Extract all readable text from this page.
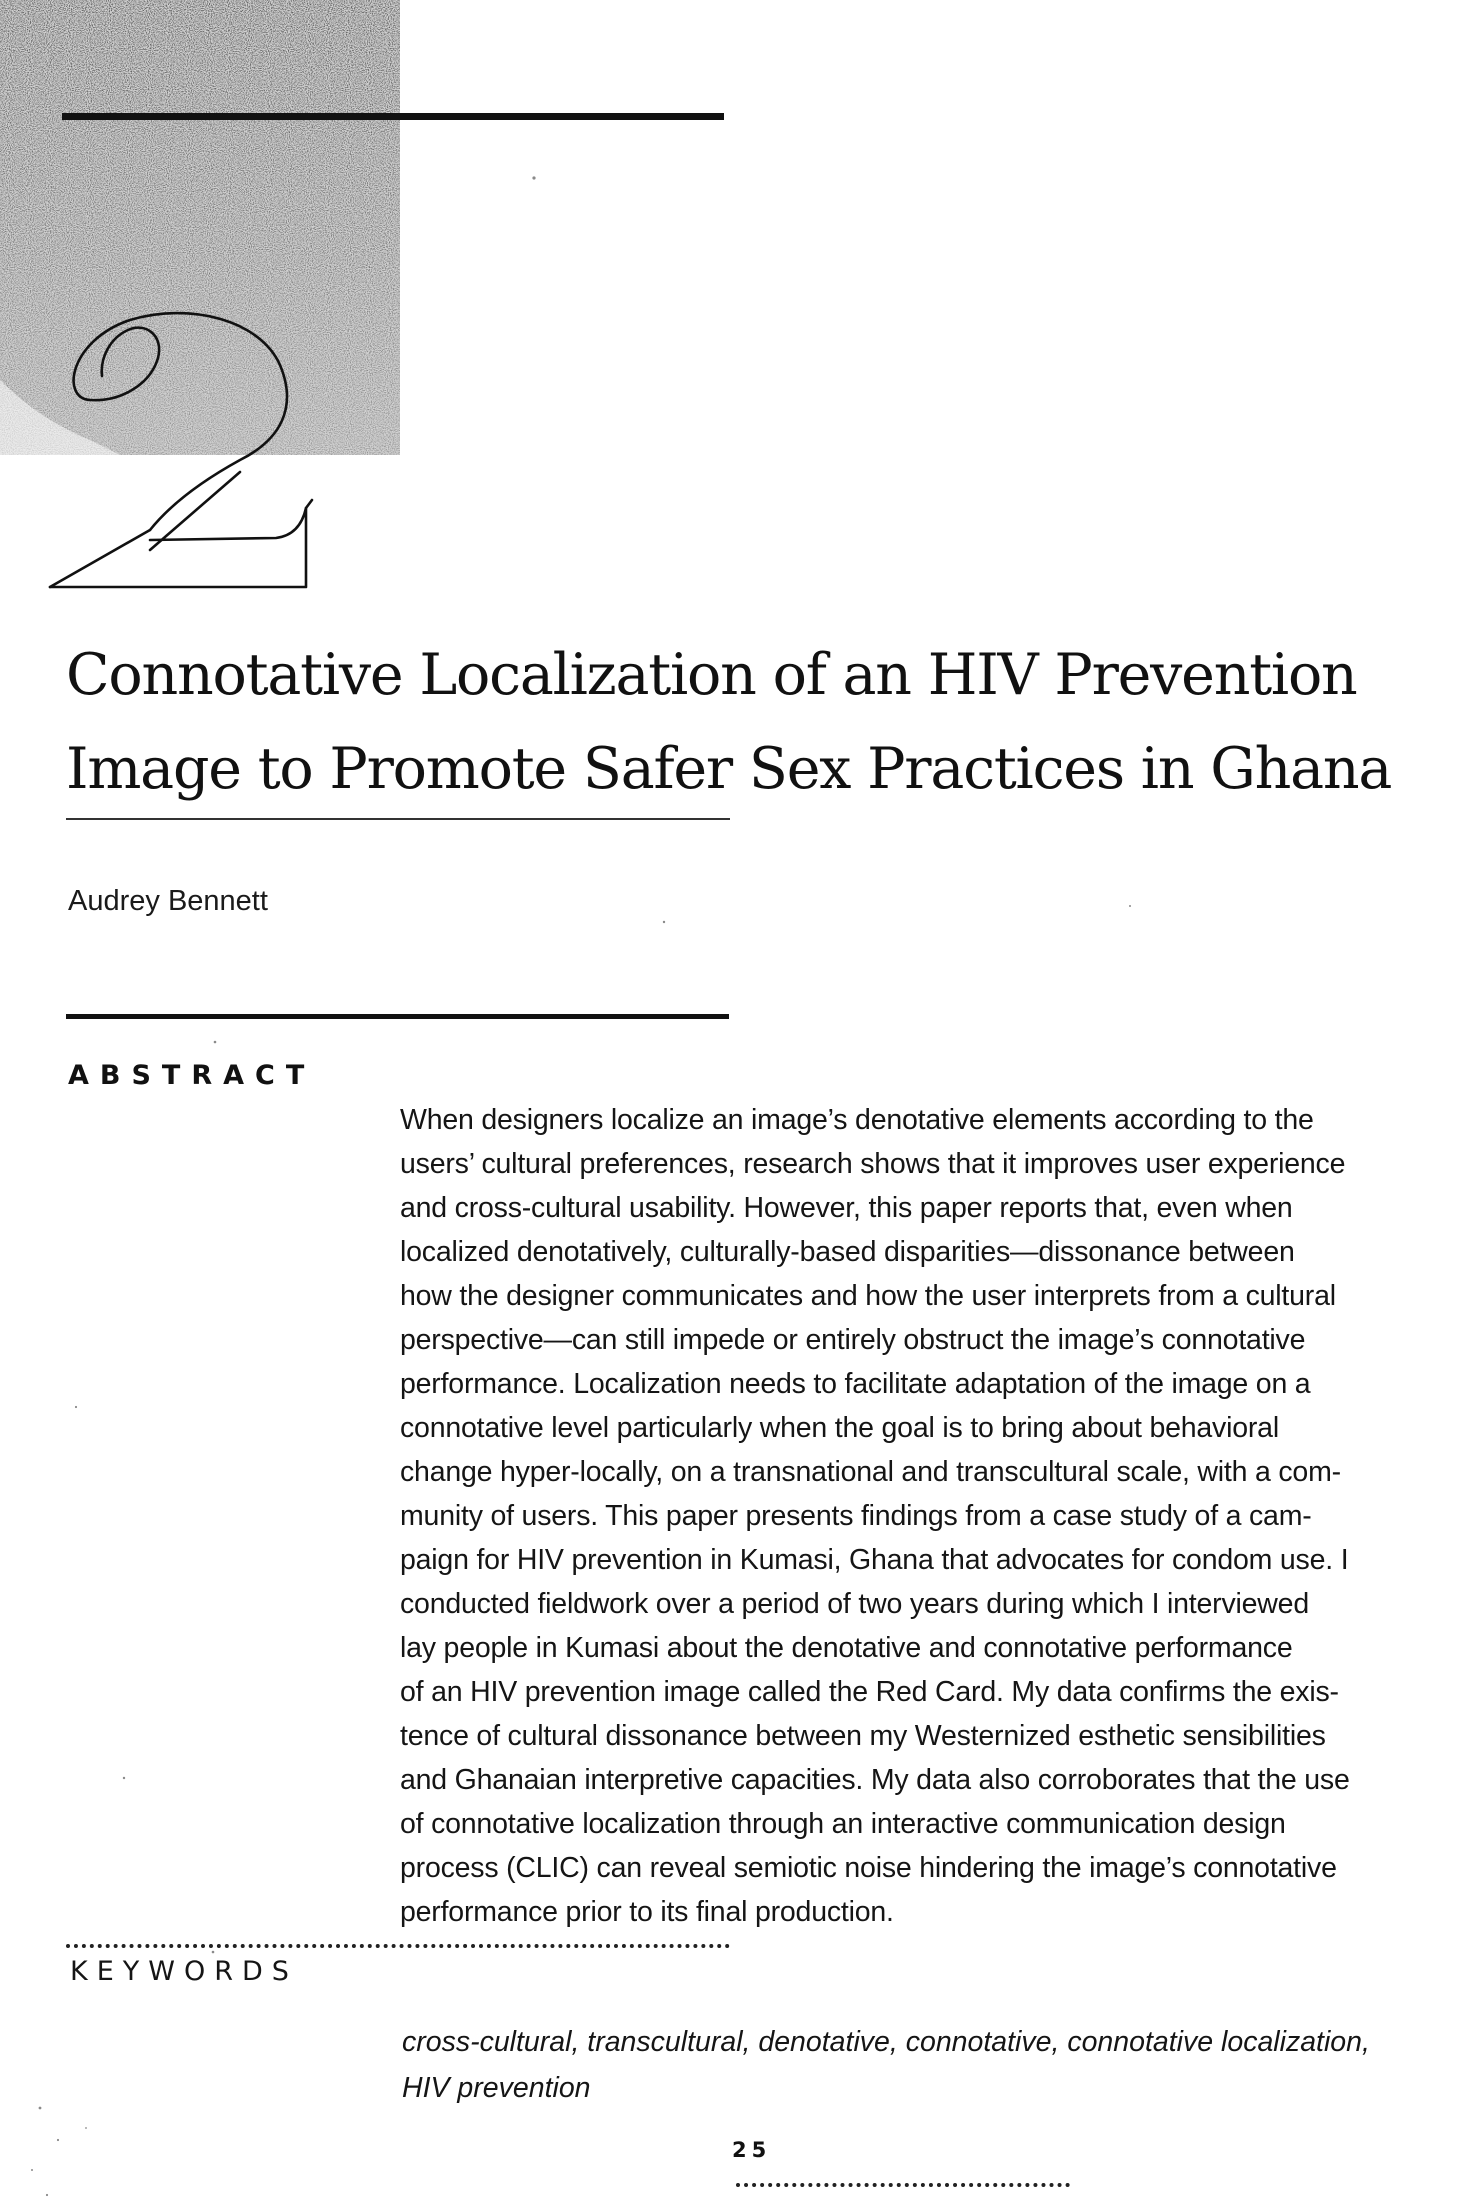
2
Connotative Localization of an HIV Prevention
Image to Promote Safer Sex Practices in Ghana
Audrey Bennett
ABSTRACT

When designers localize an image’s denotative elements according to the
users’ cultural preferences, research shows that it improves user experience
and cross-cultural usability. However, this paper reports that, even when
localized denotatively, culturally-based disparities—dissonance between
how the designer communicates and how the user interprets from a cultural
perspective—can still impede or entirely obstruct the image’s connotative
performance. Localization needs to facilitate adaptation of the image on a
connotative level particularly when the goal is to bring about behavioral
change hyper-locally, on a transnational and transcultural scale, with a com-
munity of users. This paper presents findings from a case study of a cam-
paign for HIV prevention in Kumasi, Ghana that advocates for condom use. I
conducted fieldwork over a period of two years during which I interviewed
lay people in Kumasi about the denotative and connotative performance
of an HIV prevention image called the Red Card. My data confirms the exis-
tence of cultural dissonance between my Westernized esthetic sensibilities
and Ghanaian interpretive capacities. My data also corroborates that the use
of connotative localization through an interactive communication design
process (CLIC) can reveal semiotic noise hindering the image’s connotative
performance prior to its final production.

KEYWORDS

cross-cultural, transcultural, denotative, connotative, connotative localization,
HIV prevention

25
